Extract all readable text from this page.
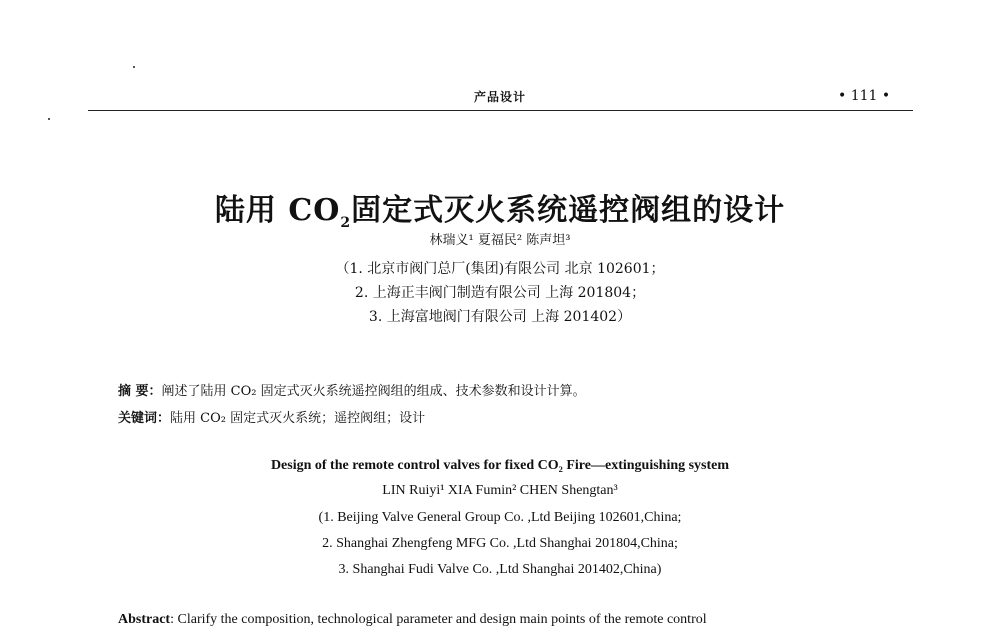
产品设计	• 111 •
陆用 $CO_2$固定式灭火系统遥控阀组的设计
林瑞义¹ 夏福民² 陈声坦³
（1. 北京市阀门总厂(集团)有限公司 北京 102601；
2. 上海正丰阀门制造有限公司 上海 201804；
3. 上海富地阀门有限公司 上海 201402）
摘 要：阐述了陆用 CO₂ 固定式灭火系统遥控阀组的组成、技术参数和设计计算。
关键词：陆用 CO₂ 固定式灭火系统；遥控阀组；设计
Design of the remote control valves for fixed CO₂ Fire—extinguishing system
LIN Ruiyi¹ XIA Fumin² CHEN Shengtan³
(1. Beijing Valve General Group Co. ,Ltd Beijing 102601,China;
2. Shanghai Zhengfeng MFG Co. ,Ltd Shanghai 201804,China;
3. Shanghai Fudi Valve Co. ,Ltd Shanghai 201402,China)
Abstract: Clarify the composition, technological parameter and design main points of the remote control
